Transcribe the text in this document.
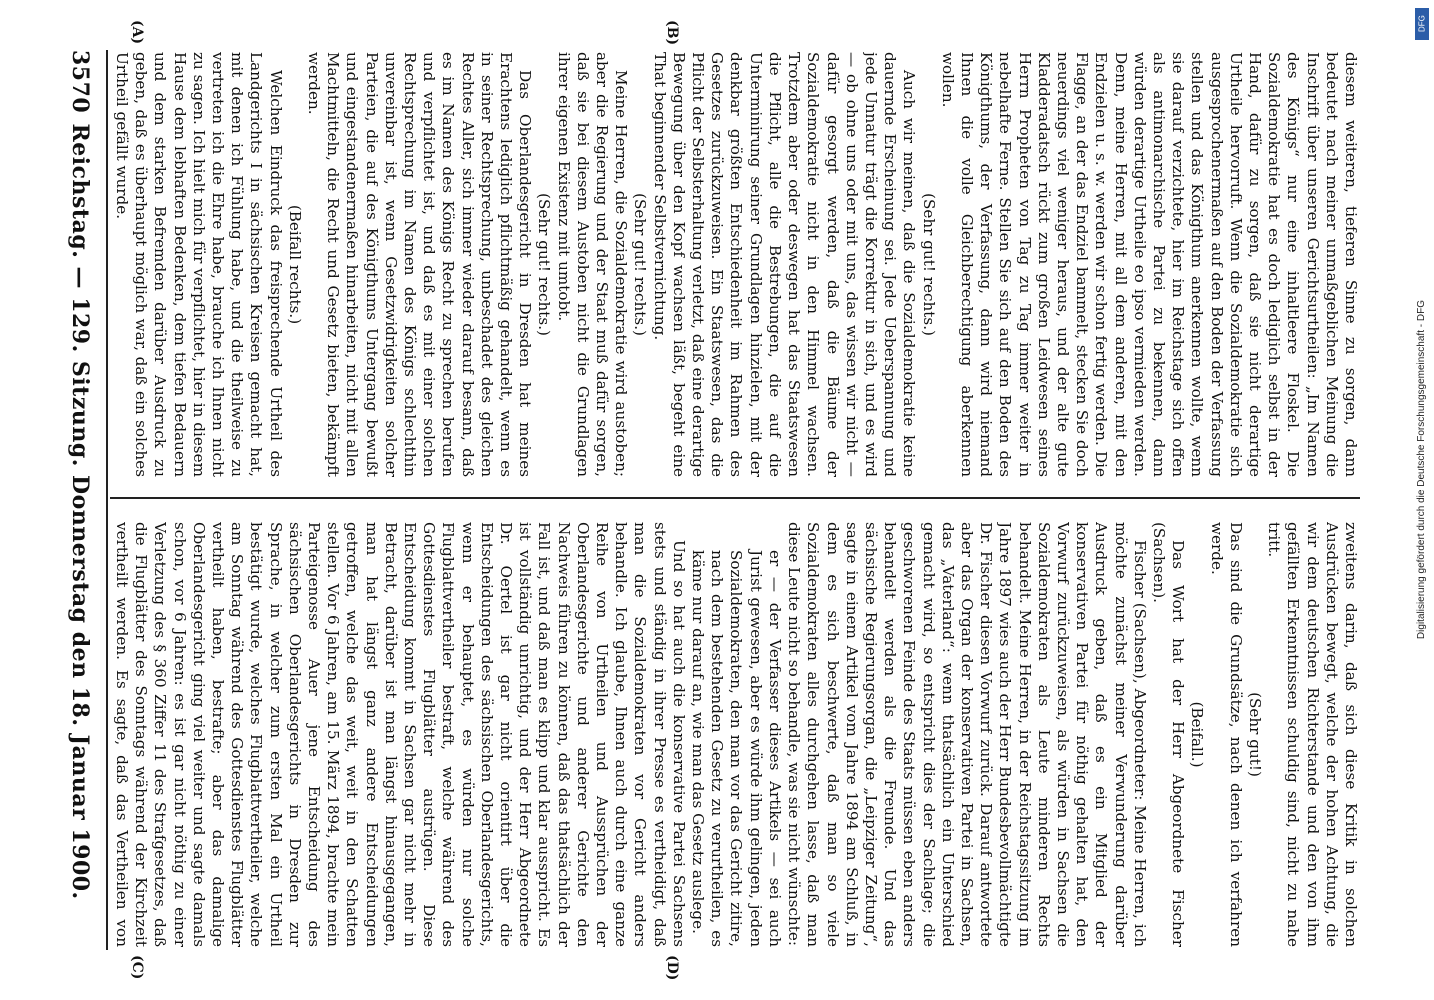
3570
Reichstag. — 129. Sitzung. Donnerstag den 18. Januar 1900.
(A)	(B)
(C)	(D)

diesem weiteren, tieferen Sinne zu sorgen, dann bedeutet nach meiner unmaßgeblichen Meinung die Inschrift über unseren Gerichtsurtheilen: „Im Namen des Königs“ nur eine inhaltleere Floskel. Die Sozialdemokratie hat es doch lediglich selbst in der Hand, dafür zu sorgen, daß sie nicht derartige Urtheile hervorruft. Wenn die Sozialdemokratie sich ausgesprochenermaßen auf den Boden der Verfassung stellen und das Königthum anerkennen wollte, wenn sie darauf verzichtete, hier im Reichstage sich offen als antimonarchische Partei zu bekennen, dann würden derartige Urtheile eo ipso vermieden werden. Denn, meine Herren, mit all dem anderen, mit den Endzielen u. s. w. werden wir schon fertig werden. Die Flagge, an der das Endziel bammelt, stecken Sie doch neuerdings viel weniger heraus, und der alte gute Kladderadatsch rückt zum großen Leidwesen seines Herrn Propheten von Tag zu Tag immer weiter in nebelhafte Ferne. Stellen Sie sich auf den Boden des Königthums, der Verfassung, dann wird niemand Ihnen die volle Gleichberechtigung aberkennen wollen.

(Sehr gut! rechts.)

Auch wir meinen, daß die Sozialdemokratie keine dauernde Erscheinung sei. Jede Ueberspannung und jede Unnatur trägt die Korrektur in sich, und es wird — ob ohne uns oder mit uns, das wissen wir nicht — dafür gesorgt werden, daß die Bäume der Sozialdemokratie nicht in den Himmel wachsen. Trotzdem aber oder deswegen hat das Staatswesen die Pflicht, alle die Bestrebungen, die auf die Unterminirung seiner Grundlagen hinzielen, mit der denkbar größten Entschiedenheit im Rahmen des Gesetzes zurückzuweisen. Ein Staatswesen, das die Pflicht der Selbsterhaltung verletzt, daß eine derartige Bewegung über den Kopf wachsen läßt, begeht eine That beginnender Selbstvernichtung.

(Sehr gut! rechts.)

Meine Herren, die Sozialdemokratie wird austoben; aber die Regierung und der Staat muß dafür sorgen, daß sie bei diesem Austoben nicht die Grundlagen ihrer eigenen Existenz mit umtobt.

(Sehr gut! rechts.)

Das Oberlandesgericht in Dresden hat meines Erachtens lediglich pflichtmäßig gehandelt, wenn es in seiner Rechtsprechung, unbeschadet des gleichen Rechtes Aller, sich immer wieder darauf besann, daß es im Namen des Königs Recht zu sprechen berufen und verpflichtet ist, und daß es mit einer solchen Rechtsprechung im Namen des Königs schlechthin unvereinbar ist, wenn Gesetzwidrigkeiten solcher Parteien, die auf des Königthums Untergang bewußt und eingestandenermaßen hinarbeiten, nicht mit allen Machtmitteln, die Recht und Gesetz bieten, bekämpft werden.

(Beifall rechts.)

Welchen Eindruck das freisprechende Urtheil des Landgerichts I in sächsischen Kreisen gemacht hat, mit denen ich Fühlung habe, und die theilweise zu vertreten ich die Ehre habe, brauche ich Ihnen nicht zu sagen. Ich hielt mich für verpflichtet, hier in diesem Hause dem lebhaften Bedenken, dem tiefen Bedauern und dem starken Befremden darüber Ausdruck zu geben, daß es überhaupt möglich war, daß ein solches Urtheil gefällt wurde.

zweitens darin, daß sich diese Kritik in solchen Ausdrücken bewegt, welche der hohen Achtung, die wir dem deutschen Richterstande und den von ihm gefällten Erkenntnissen schuldig sind, nicht zu nahe tritt.

(Sehr gut!)

Das sind die Grundsätze, nach denen ich verfahren werde.

(Beifall.)

Das Wort hat der Herr Abgeordnete Fischer (Sachsen).

Fischer (Sachsen), Abgeordneter: Meine Herren, ich möchte zunächst meiner Verwunderung darüber Ausdruck geben, daß es ein Mitglied der konservativen Partei für nöthig gehalten hat, den Vorwurf zurückzuweisen, als würden in Sachsen die Sozialdemokraten als Leute minderen Rechts behandelt. Meine Herren, in der Reichstagssitzung im Jahre 1897 wies auch der Herr Bundesbevollmächtigte Dr. Fischer diesen Vorwurf zurück. Darauf antwortete aber das Organ der konservativen Partei in Sachsen, das „Vaterland“: wenn thatsächlich ein Unterschied gemacht wird, so entspricht dies der Sachlage; die geschworenen Feinde des Staats müssen eben anders behandelt werden als die Freunde. Und das sächsische Regierungsorgan, die „Leipziger Zeitung“, sagte in einem Artikel vom Jahre 1894 am Schluß, in dem es sich beschwerte, daß man so viele Sozialdemokraten alles durchgehen lasse, daß man diese Leute nicht so behandle, was sie nicht wünschte:

er — der Verfasser dieses Artikels — sei auch Jurist gewesen, aber es würde ihm gelingen, jeden Sozialdemokraten, den man vor das Gericht zitire, nach dem bestehenden Gesetz zu verurtheilen, es käme nur darauf an, wie man das Gesetz auslege.

Und so hat auch die konservative Partei Sachsens stets und ständig in ihrer Presse es vertheidigt, daß man die Sozialdemokraten vor Gericht anders behandle. Ich glaube, Ihnen auch durch eine ganze Reihe von Urtheilen und Aussprüchen der Oberlandesgerichte und anderer Gerichte den Nachweis führen zu können, daß das thatsächlich der Fall ist, und daß man es klipp und klar ausspricht. Es ist vollständig unrichtig, und der Herr Abgeordnete Dr. Oertel ist gar nicht orientirt über die Entscheidungen des sächsischen Oberlandesgerichts, wenn er behauptet, es würden nur solche Flugblattvertheiler bestraft, welche während des Gottesdienstes Flugblätter austrügen. Diese Entscheidung kommt in Sachsen gar nicht mehr in Betracht, darüber ist man längst hinausgegangen, man hat längst ganz andere Entscheidungen getroffen, welche das weit, weit in den Schatten stellen. Vor 6 Jahren, am 15. März 1894, brachte mein Parteigenosse Auer jene Entscheidung des sächsischen Oberlandesgerichts in Dresden zur Sprache, in welcher zum ersten Mal ein Urtheil bestätigt wurde, welches Flugblattvertheiler, welche am Sonntag während des Gottesdienstes Flugblätter vertheilt haben, bestrafte; aber das damalige Oberlandesgericht ging viel weiter und sagte damals schon, vor 6 Jahren: es ist gar nicht nöthig zu einer Verletzung des § 360 Ziffer 11 des Strafgesetzes, daß die Flugblätter des Sonntags während der Kirchzeit vertheilt werden. Es sagte, daß das Vertheilen von

DFG
Digitalisierung gefördert durch die Deutsche Forschungsgemeinschaft - DFG
